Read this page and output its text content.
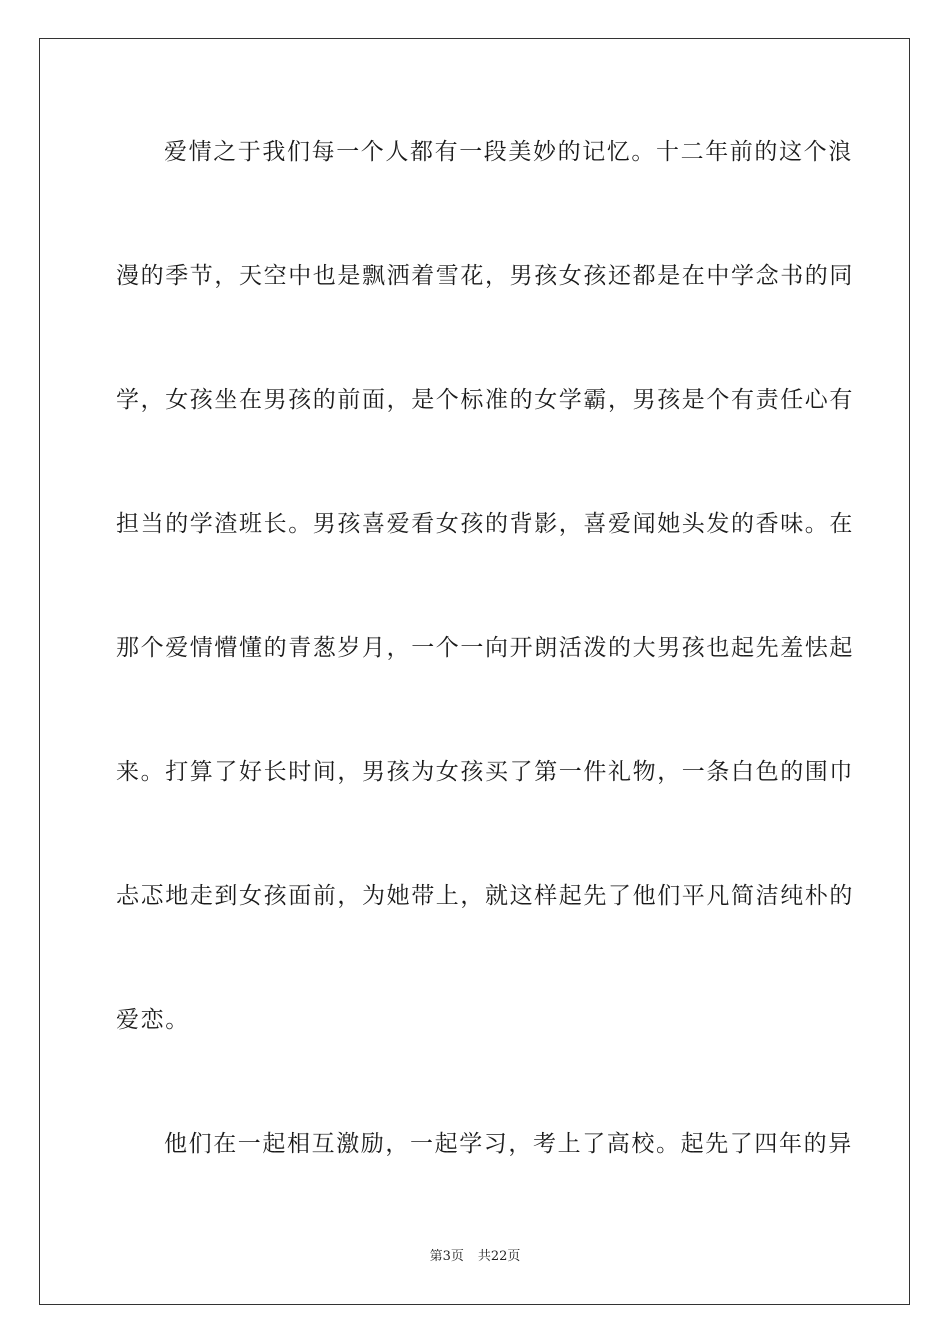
爱情之于我们每一个人都有一段美妙的记忆。十二年前的这个浪
漫的季节，天空中也是飘洒着雪花，男孩女孩还都是在中学念书的同
学，女孩坐在男孩的前面，是个标准的女学霸，男孩是个有责任心有
担当的学渣班长。男孩喜爱看女孩的背影，喜爱闻她头发的香味。在
那个爱情懵懂的青葱岁月，一个一向开朗活泼的大男孩也起先羞怯起
来。打算了好长时间，男孩为女孩买了第一件礼物，一条白色的围巾
忐忑地走到女孩面前，为她带上，就这样起先了他们平凡简洁纯朴的
爱恋。
他们在一起相互激励，一起学习，考上了高校。起先了四年的异
第3页 共22页
